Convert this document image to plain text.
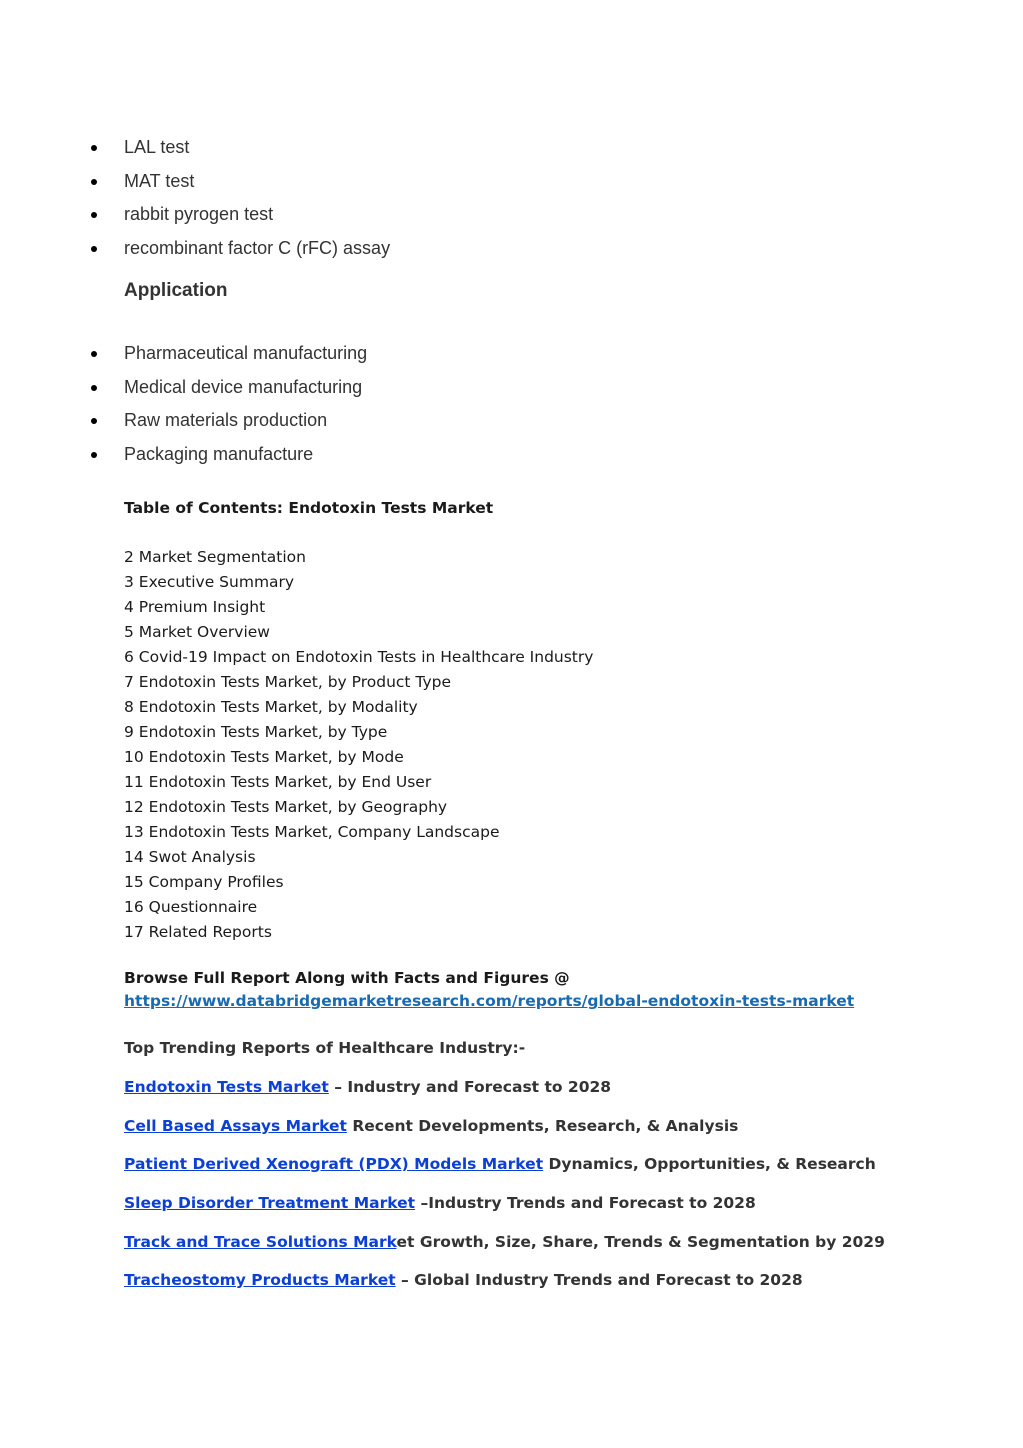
LAL test
MAT test
rabbit pyrogen test
recombinant factor C (rFC) assay
Application
Pharmaceutical manufacturing
Medical device manufacturing
Raw materials production
Packaging manufacture
Table of Contents: Endotoxin Tests Market
2 Market Segmentation
3 Executive Summary
4 Premium Insight
5 Market Overview
6 Covid-19 Impact on Endotoxin Tests in Healthcare Industry
7 Endotoxin Tests Market, by Product Type
8 Endotoxin Tests Market, by Modality
9 Endotoxin Tests Market, by Type
10 Endotoxin Tests Market, by Mode
11 Endotoxin Tests Market, by End User
12 Endotoxin Tests Market, by Geography
13 Endotoxin Tests Market, Company Landscape
14 Swot Analysis
15 Company Profiles
16 Questionnaire
17 Related Reports
Browse Full Report Along with Facts and Figures @
https://www.databridgemarketresearch.com/reports/global-endotoxin-tests-market
Top Trending Reports of Healthcare Industry:-
Endotoxin Tests Market – Industry and Forecast to 2028
Cell Based Assays Market Recent Developments, Research, & Analysis
Patient Derived Xenograft (PDX) Models Market Dynamics, Opportunities, & Research
Sleep Disorder Treatment Market –Industry Trends and Forecast to 2028
Track and Trace Solutions Market Growth, Size, Share, Trends & Segmentation by 2029
Tracheostomy Products Market – Global Industry Trends and Forecast to 2028
